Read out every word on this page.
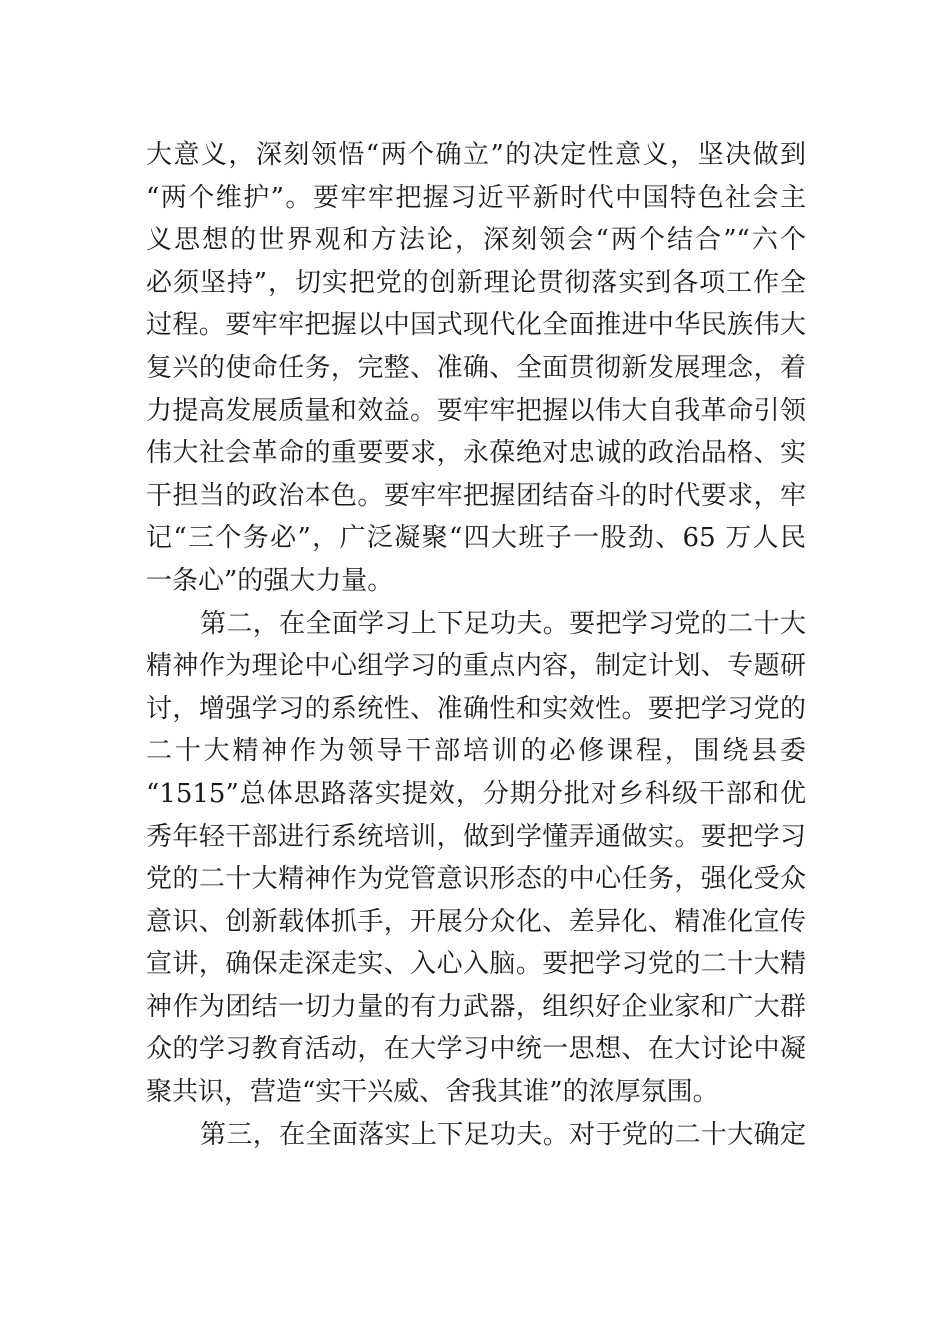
大意义，深刻领悟“两个确立”的决定性意义，坚决做到
“两个维护”。要牢牢把握习近平新时代中国特色社会主
义思想的世界观和方法论，深刻领会“两个结合”“六个
必须坚持”，切实把党的创新理论贯彻落实到各项工作全
过程。要牢牢把握以中国式现代化全面推进中华民族伟大
复兴的使命任务，完整、准确、全面贯彻新发展理念，着
力提高发展质量和效益。要牢牢把握以伟大自我革命引领
伟大社会革命的重要要求，永葆绝对忠诚的政治品格、实
干担当的政治本色。要牢牢把握团结奋斗的时代要求，牢
记“三个务必”，广泛凝聚“四大班子一股劲、65 万人民
一条心”的强大力量。
第二，在全面学习上下足功夫。要把学习党的二十大
精神作为理论中心组学习的重点内容，制定计划、专题研
讨，增强学习的系统性、准确性和实效性。要把学习党的
二十大精神作为领导干部培训的必修课程，围绕县委
“1515”总体思路落实提效，分期分批对乡科级干部和优
秀年轻干部进行系统培训，做到学懂弄通做实。要把学习
党的二十大精神作为党管意识形态的中心任务，强化受众
意识、创新载体抓手，开展分众化、差异化、精准化宣传
宣讲，确保走深走实、入心入脑。要把学习党的二十大精
神作为团结一切力量的有力武器，组织好企业家和广大群
众的学习教育活动，在大学习中统一思想、在大讨论中凝
聚共识，营造“实干兴威、舍我其谁”的浓厚氛围。
第三，在全面落实上下足功夫。对于党的二十大确定
